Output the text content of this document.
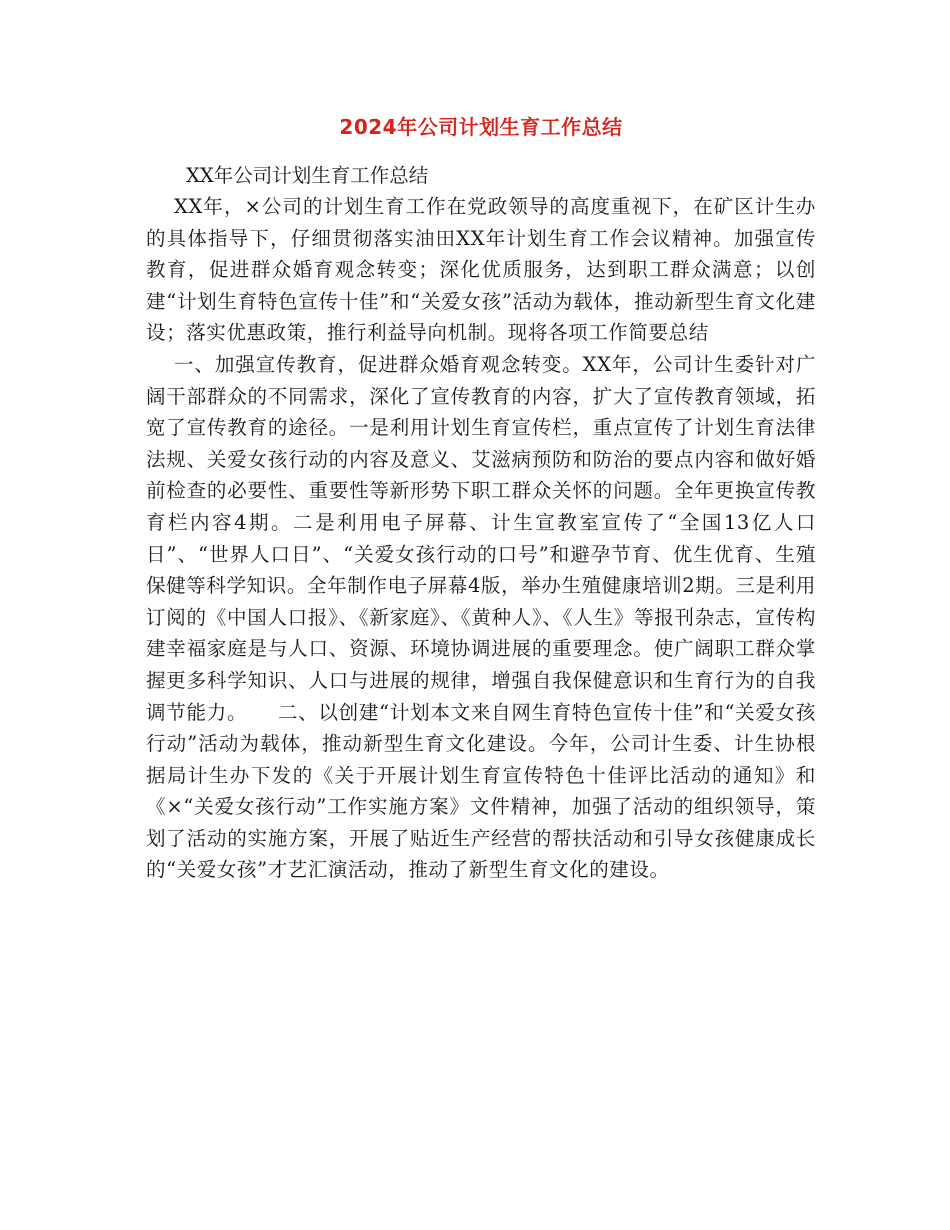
2024年公司计划生育工作总结

XX年公司计划生育工作总结

XX年，×公司的计划生育工作在党政领导的高度重视下，在矿区计生办的具体指导下，仔细贯彻落实油田XX年计划生育工作会议精神。加强宣传教育，促进群众婚育观念转变；深化优质服务，达到职工群众满意；以创建“计划生育特色宣传十佳”和“关爱女孩”活动为载体，推动新型生育文化建设；落实优惠政策，推行利益导向机制。现将各项工作简要总结

一、加强宣传教育，促进群众婚育观念转变。XX年，公司计生委针对广阔干部群众的不同需求，深化了宣传教育的内容，扩大了宣传教育领域，拓宽了宣传教育的途径。一是利用计划生育宣传栏，重点宣传了计划生育法律法规、关爱女孩行动的内容及意义、艾滋病预防和防治的要点内容和做好婚前检查的必要性、重要性等新形势下职工群众关怀的问题。全年更换宣传教育栏内容4期。二是利用电子屏幕、计生宣教室宣传了“全国13亿人口日”、“世界人口日”、“关爱女孩行动的口号”和避孕节育、优生优育、生殖保健等科学知识。全年制作电子屏幕4版，举办生殖健康培训2期。三是利用订阅的《中国人口报》、《新家庭》、《黄种人》、《人生》等报刊杂志，宣传构建幸福家庭是与人口、资源、环境协调进展的重要理念。使广阔职工群众掌握更多科学知识、人口与进展的规律，增强自我保健意识和生育行为的自我调节能力。　　二、以创建“计划本文来自网生育特色宣传十佳”和“关爱女孩行动”活动为载体，推动新型生育文化建设。今年，公司计生委、计生协根据局计生办下发的《关于开展计划生育宣传特色十佳评比活动的通知》和《×“关爱女孩行动”工作实施方案》文件精神，加强了活动的组织领导，策划了活动的实施方案，开展了贴近生产经营的帮扶活动和引导女孩健康成长的“关爱女孩”才艺汇演活动，推动了新型生育文化的建设。
